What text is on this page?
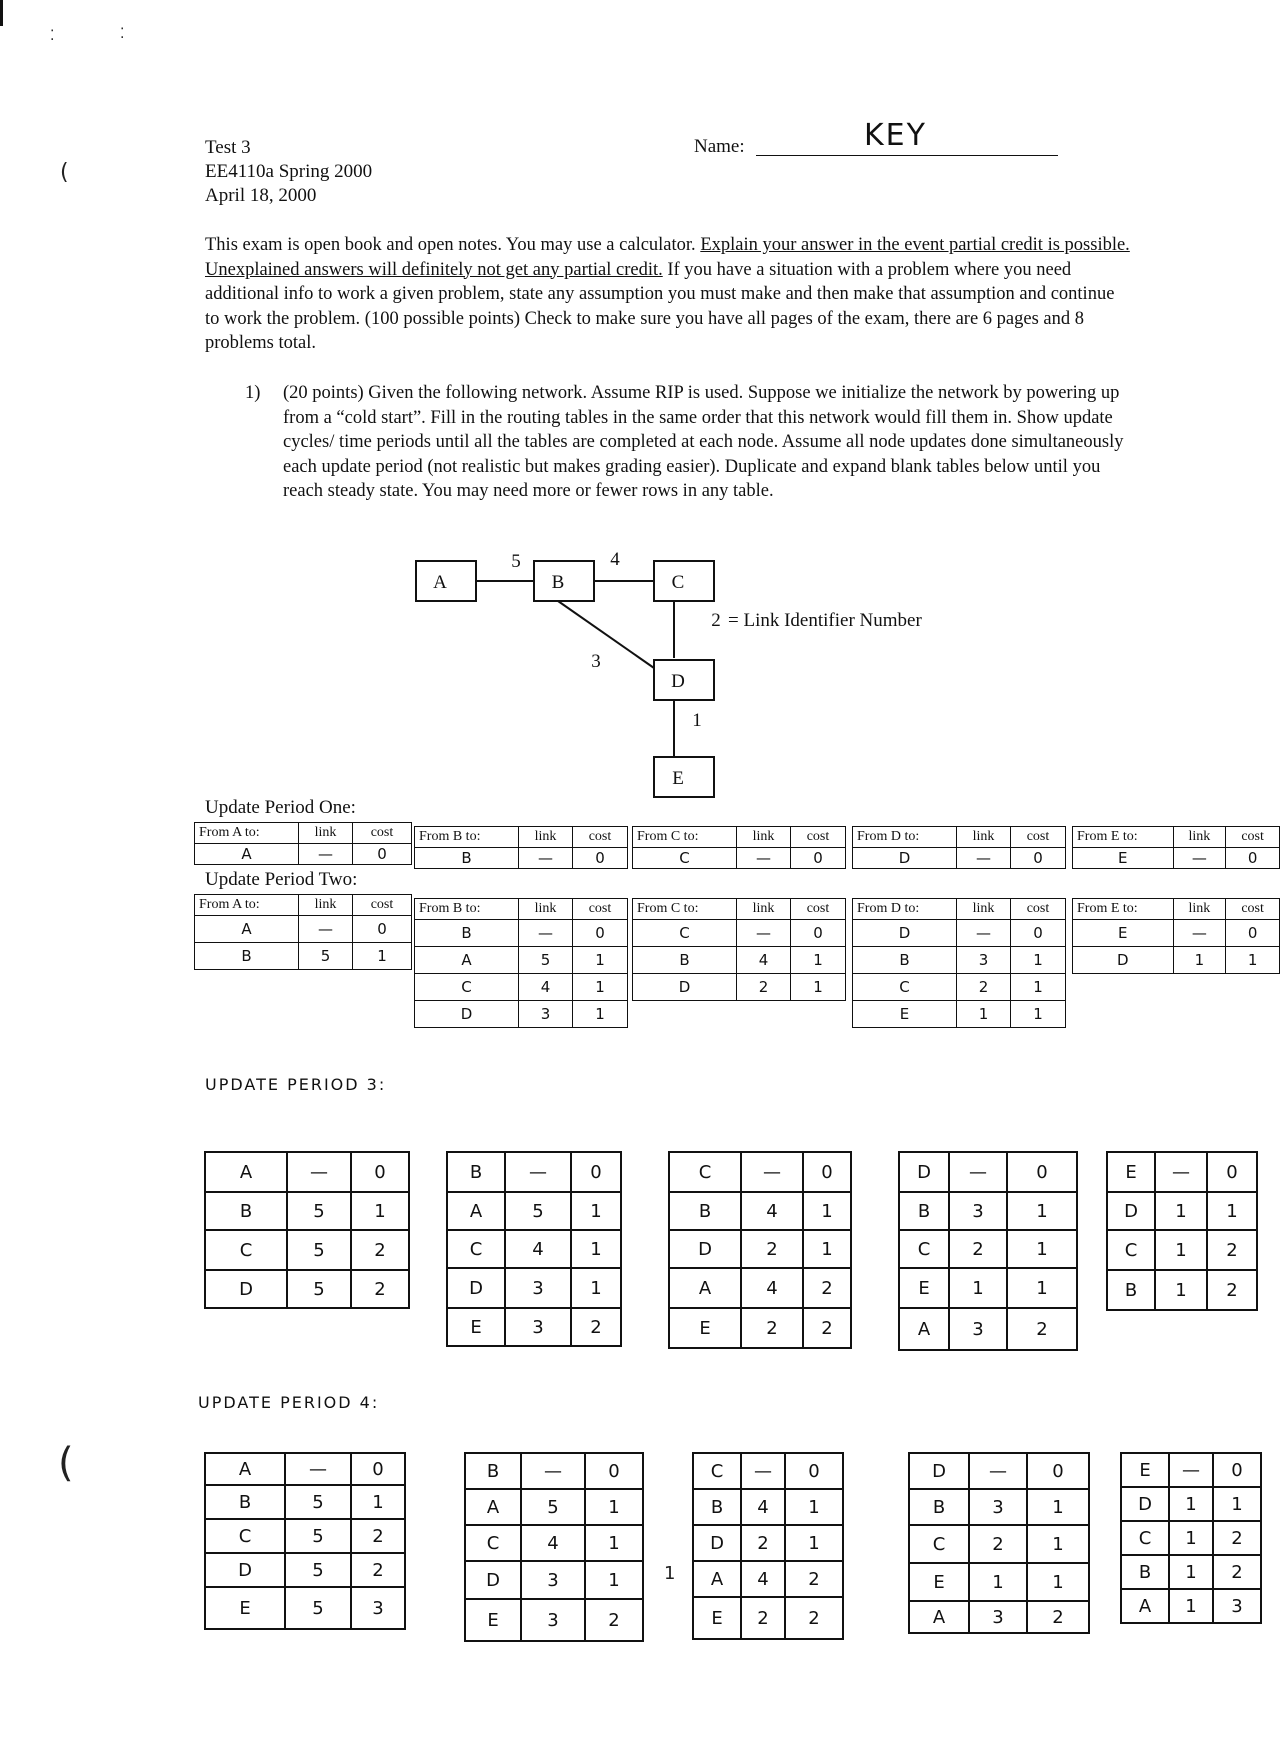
⁚	⁚
(
(
Test 3
EE4110a Spring 2000
April 18, 2000
Name:	KEY
This exam is open book and open notes. You may use a calculator. Explain your answer in the event partial credit is possible. Unexplained answers will definitely not get any partial credit. If you have a situation with a problem where you need additional info to work a given problem, state any assumption you must make and then make that assumption and continue to work the problem. (100 possible points) Check to make sure you have all pages of the exam, there are 6 pages and 8 problems total.
1) (20 points) Given the following network. Assume RIP is used. Suppose we initialize the network by powering up from a “cold start”. Fill in the routing tables in the same order that this network would fill them in. Show update cycles/ time periods until all the tables are completed at each node. Assume all node updates done simultaneously each update period (not realistic but makes grading easier). Duplicate and expand blank tables below until you reach steady state. You may need more or fewer rows in any table.
A	B	C
D
E
5	4
3
1
2 = Link Identifier Number
Update Period One:
Update Period Two:
UPDATE PERIOD 3:
UPDATE PERIOD 4:
1
From A to:	link	cost
A	—	0
From B to:	link	cost
B	—	0
From C to:	link	cost
C	—	0
From D to:	link	cost
D	—	0
From E to:	link	cost
E	—	0
From A to:	link	cost
A	—	0
B	5	1
From B to:	link	cost
B	—	0
A	5	1
C	4	1
D	3	1
From C to:	link	cost
C	—	0
B	4	1
D	2	1
From D to:	link	cost
D	—	0
B	3	1
C	2	1
E	1	1
From E to:	link	cost
E	—	0
D	1	1
A	—	0
B	5	1
C	5	2
D	5	2
B	—	0
A	5	1
C	4	1
D	3	1
E	3	2
C	—	0
B	4	1
D	2	1
A	4	2
E	2	2
D	—	0
B	3	1
C	2	1
E	1	1
A	3	2
E	—	0
D	1	1
C	1	2
B	1	2
A	—	0
B	5	1
C	5	2
D	5	2
E	5	3
B	—	0
A	5	1
C	4	1
D	3	1
E	3	2
C	—	0
B	4	1
D	2	1
A	4	2
E	2	2
D	—	0
B	3	1
C	2	1
E	1	1
A	3	2
E	—	0
D	1	1
C	1	2
B	1	2
A	1	3
